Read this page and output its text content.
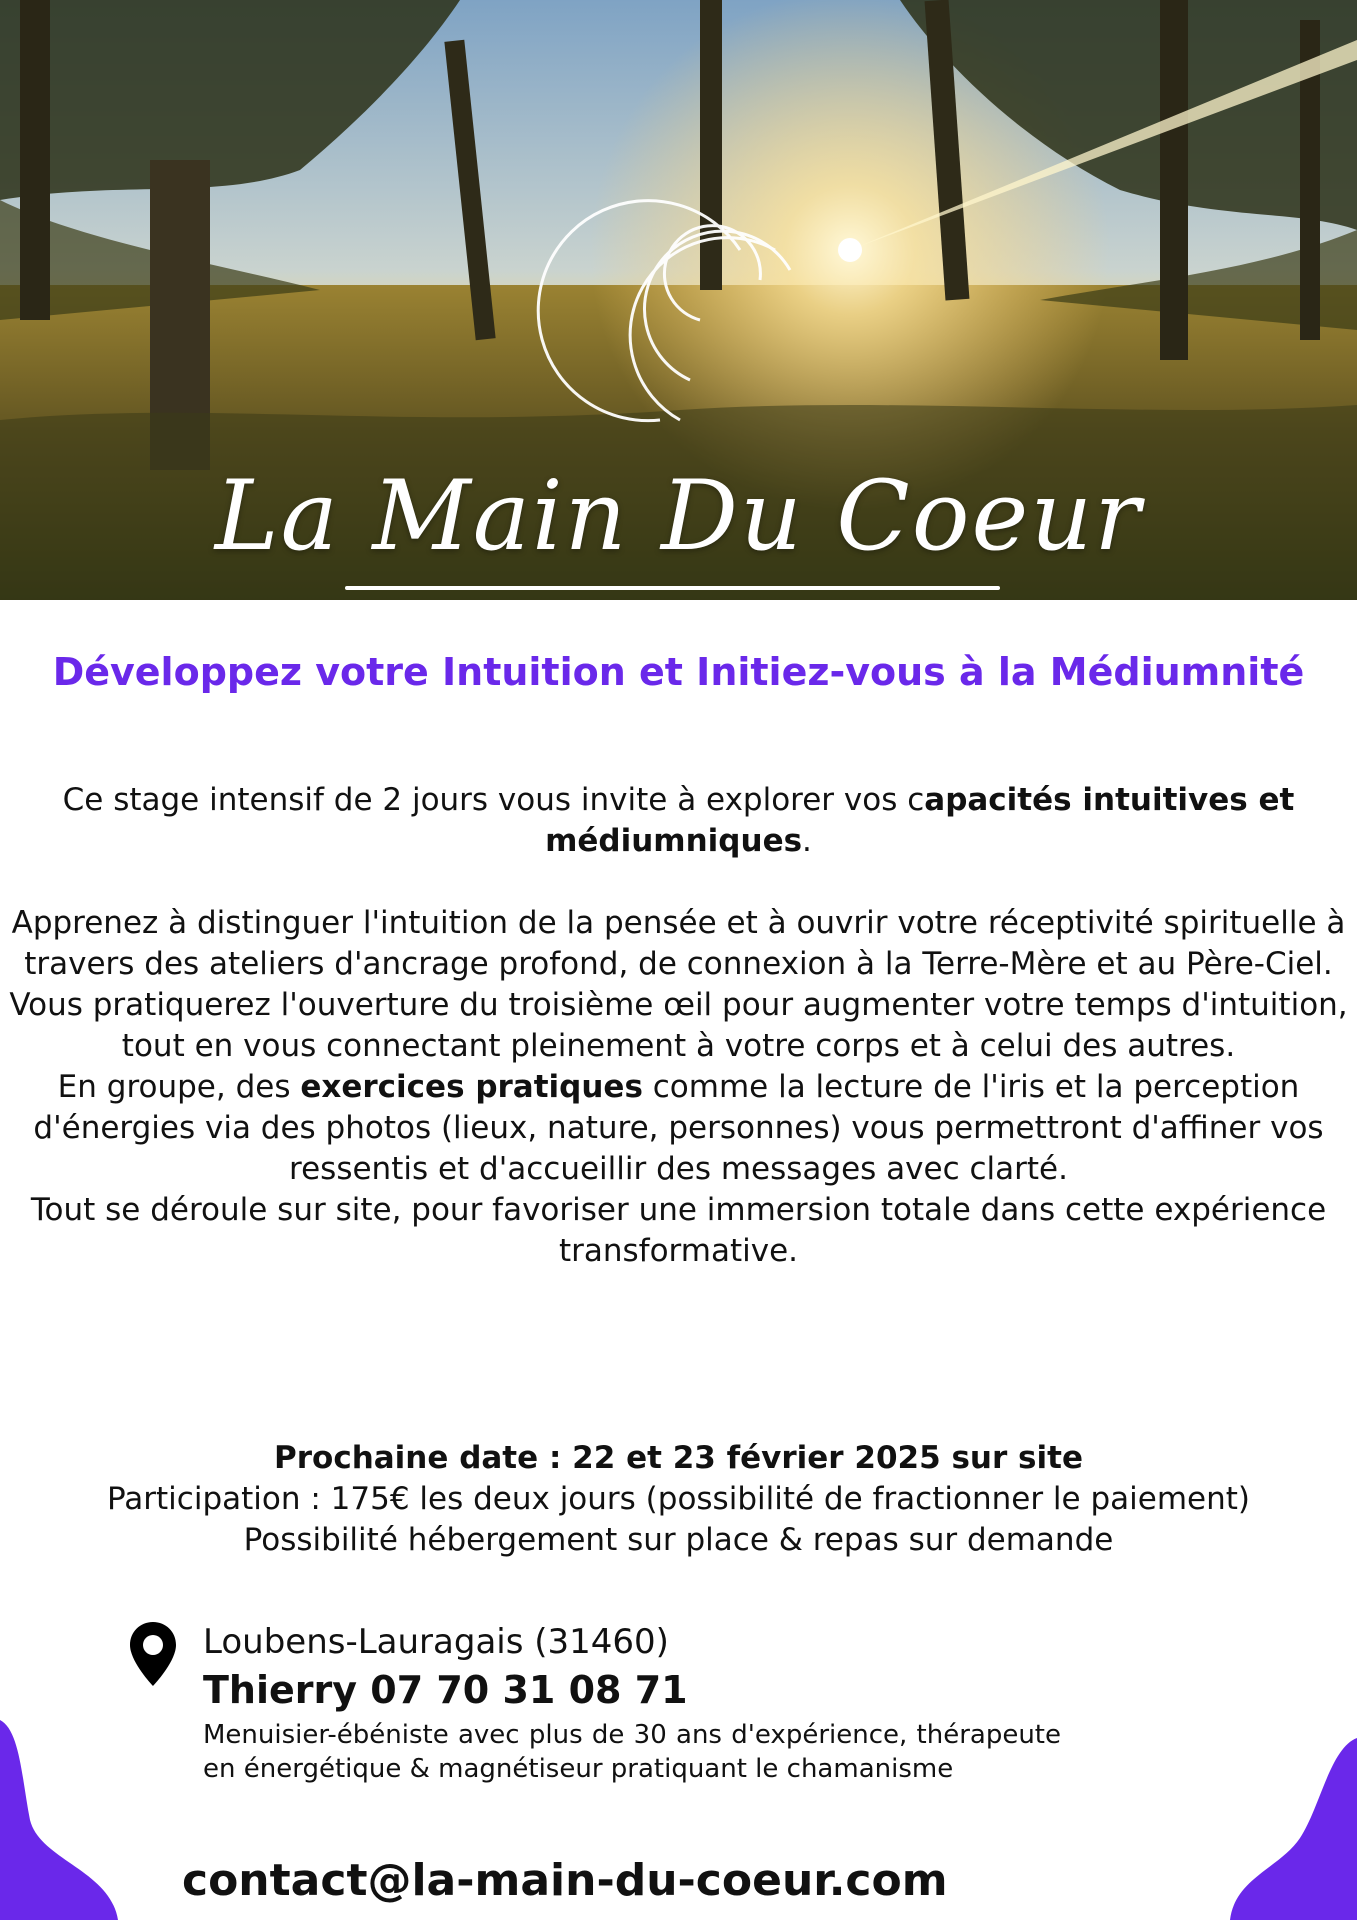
La Main Du Coeur
Développez votre Intuition et Initiez-vous à la Médiumnité

Ce stage intensif de 2 jours vous invite à explorer vos capacités intuitives et médiumniques.

Apprenez à distinguer l'intuition de la pensée et à ouvrir votre réceptivité spirituelle à travers des ateliers d'ancrage profond, de connexion à la Terre-Mère et au Père-Ciel.

Vous pratiquerez l'ouverture du troisième œil pour augmenter votre temps d'intuition, tout en vous connectant pleinement à votre corps et à celui des autres.

En groupe, des exercices pratiques comme la lecture de l'iris et la perception d'énergies via des photos (lieux, nature, personnes) vous permettront d'affiner vos ressentis et d'accueillir des messages avec clarté.

Tout se déroule sur site, pour favoriser une immersion totale dans cette expérience transformative.

Prochaine date : 22 et 23 février 2025 sur site

Participation : 175€ les deux jours (possibilité de fractionner le paiement)

Possibilité hébergement sur place & repas sur demande

Loubens-Lauragais (31460)
Thierry 07 70 31 08 71
Menuisier-ébéniste avec plus de 30 ans d'expérience, thérapeute en énergétique & magnétiseur pratiquant le chamanisme
contact@la-main-du-coeur.com
